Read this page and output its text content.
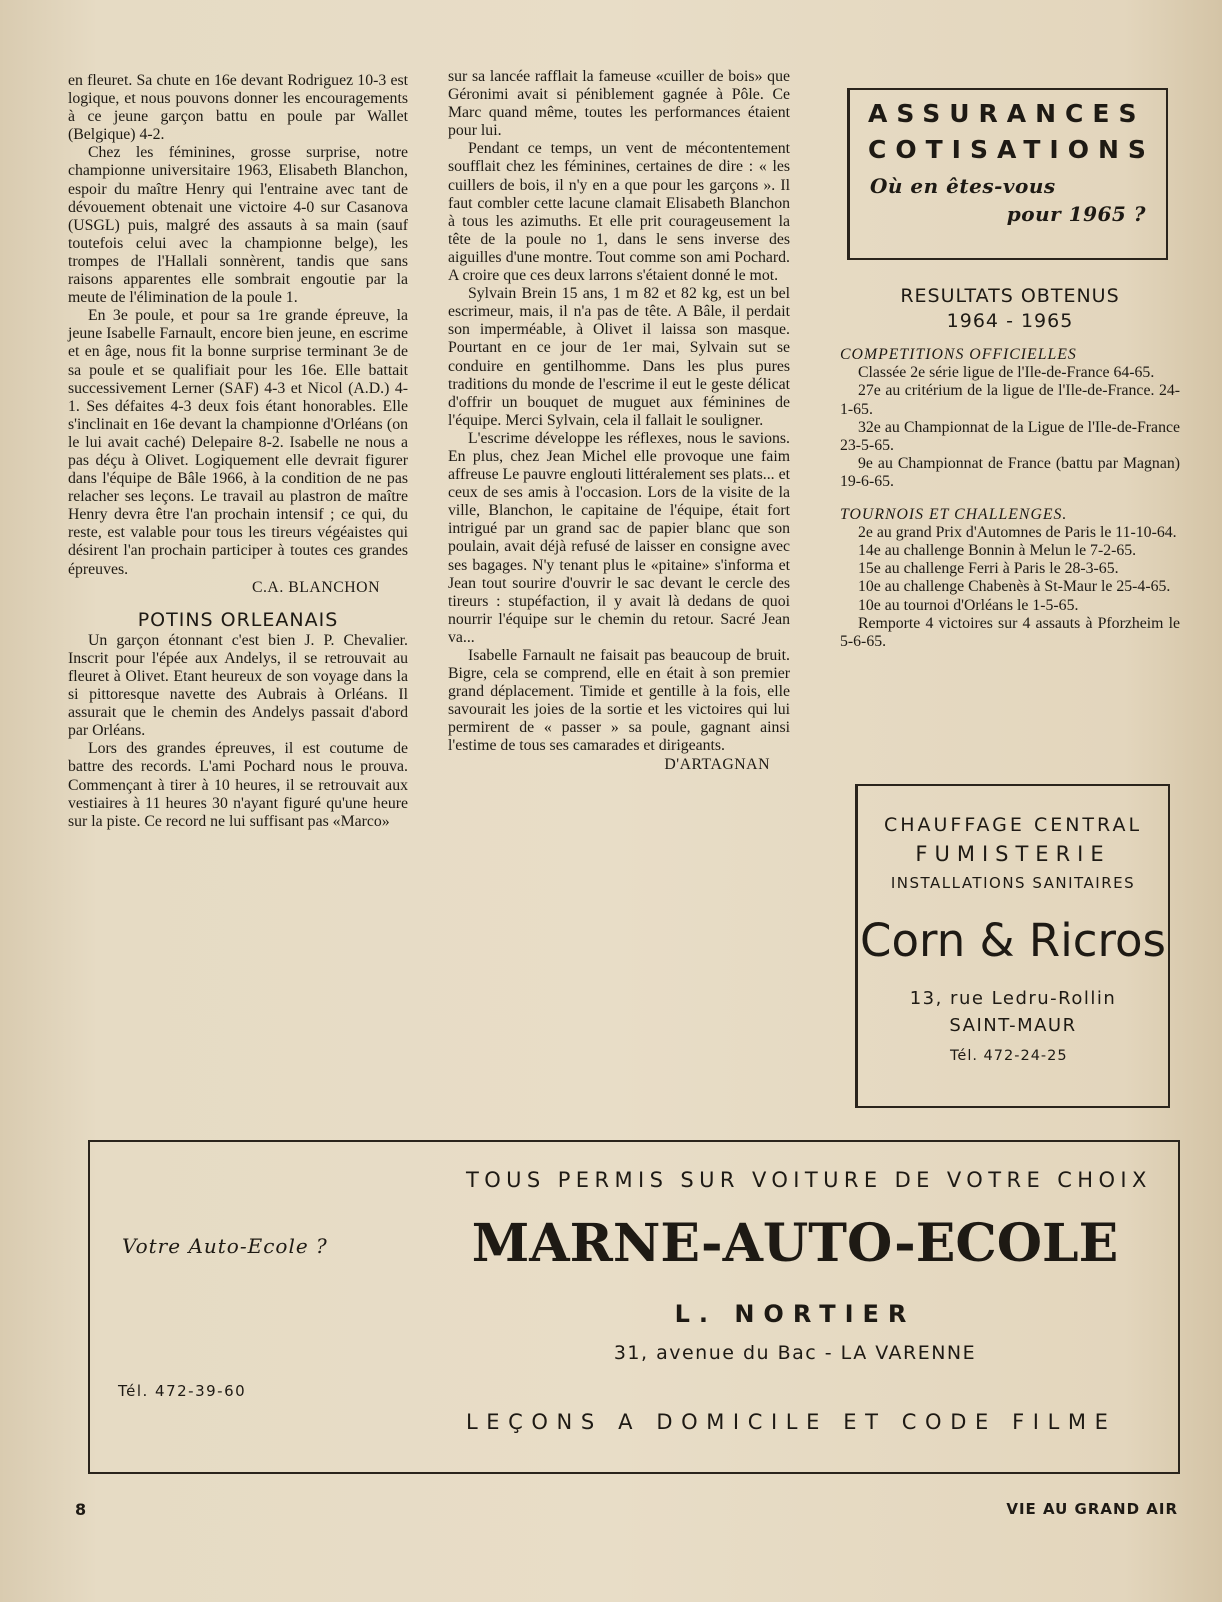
en fleuret. Sa chute en 16e devant Rodriguez 10-3 est logique, et nous pouvons donner les encouragements à ce jeune garçon battu en poule par Wallet (Belgique) 4-2.

Chez les féminines, grosse surprise, notre championne universitaire 1963, Elisabeth Blanchon, espoir du maître Henry qui l'entraine avec tant de dévouement obtenait une victoire 4-0 sur Casanova (USGL) puis, malgré des assauts à sa main (sauf toutefois celui avec la championne belge), les trompes de l'Hallali sonnèrent, tandis que sans raisons apparentes elle sombrait engoutie par la meute de l'élimination de la poule 1.

En 3e poule, et pour sa 1re grande épreuve, la jeune Isabelle Farnault, encore bien jeune, en escrime et en âge, nous fit la bonne surprise terminant 3e de sa poule et se qualifiait pour les 16e. Elle battait successivement Lerner (SAF) 4-3 et Nicol (A.D.) 4-1. Ses défaites 4-3 deux fois étant honorables. Elle s'inclinait en 16e devant la championne d'Orléans (on le lui avait caché) Delepaire 8-2. Isabelle ne nous a pas déçu à Olivet. Logiquement elle devrait figurer dans l'équipe de Bâle 1966, à la condition de ne pas relacher ses leçons. Le travail au plastron de maître Henry devra être l'an prochain intensif ; ce qui, du reste, est valable pour tous les tireurs végéaistes qui désirent l'an prochain participer à toutes ces grandes épreuves.

C.A. BLANCHON

POTINS ORLEANAIS

Un garçon étonnant c'est bien J. P. Chevalier. Inscrit pour l'épée aux Andelys, il se retrouvait au fleuret à Olivet. Etant heureux de son voyage dans la si pittoresque navette des Aubrais à Orléans. Il assurait que le chemin des Andelys passait d'abord par Orléans.

Lors des grandes épreuves, il est coutume de battre des records. L'ami Pochard nous le prouva. Commençant à tirer à 10 heures, il se retrouvait aux vestiaires à 11 heures 30 n'ayant figuré qu'une heure sur la piste. Ce record ne lui suffisant pas «Marco»

sur sa lancée rafflait la fameuse «cuiller de bois» que Géronimi avait si péniblement gagnée à Pôle. Ce Marc quand même, toutes les performances étaient pour lui.

Pendant ce temps, un vent de mécontentement soufflait chez les féminines, certaines de dire : « les cuillers de bois, il n'y en a que pour les garçons ». Il faut combler cette lacune clamait Elisabeth Blanchon à tous les azimuths. Et elle prit courageusement la tête de la poule no 1, dans le sens inverse des aiguilles d'une montre. Tout comme son ami Pochard. A croire que ces deux larrons s'étaient donné le mot.

Sylvain Brein 15 ans, 1 m 82 et 82 kg, est un bel escrimeur, mais, il n'a pas de tête. A Bâle, il perdait son imperméable, à Olivet il laissa son masque. Pourtant en ce jour de 1er mai, Sylvain sut se conduire en gentilhomme. Dans les plus pures traditions du monde de l'escrime il eut le geste délicat d'offrir un bouquet de muguet aux féminines de l'équipe. Merci Sylvain, cela il fallait le souligner.

L'escrime développe les réflexes, nous le savions. En plus, chez Jean Michel elle provoque une faim affreuse Le pauvre englouti littéralement ses plats... et ceux de ses amis à l'occasion. Lors de la visite de la ville, Blanchon, le capitaine de l'équipe, était fort intrigué par un grand sac de papier blanc que son poulain, avait déjà refusé de laisser en consigne avec ses bagages. N'y tenant plus le «pitaine» s'informa et Jean tout sourire d'ouvrir le sac devant le cercle des tireurs : stupéfaction, il y avait là dedans de quoi nourrir l'équipe sur le chemin du retour. Sacré Jean va...

Isabelle Farnault ne faisait pas beaucoup de bruit. Bigre, cela se comprend, elle en était à son premier grand déplacement. Timide et gentille à la fois, elle savourait les joies de la sortie et les victoires qui lui permirent de « passer » sa poule, gagnant ainsi l'estime de tous ses camarades et dirigeants.

D'ARTAGNAN

ASSURANCES
COTISATIONS
Où en êtes-vous
pour 1965 ?
RESULTATS OBTENUS
1964 - 1965
COMPETITIONS OFFICIELLES
Classée 2e série ligue de l'Ile-de-France 64-65.
27e au critérium de la ligue de l'Ile-de-France. 24-1-65.
32e au Championnat de la Ligue de l'Ile-de-France 23-5-65.
9e au Championnat de France (battu par Magnan) 19-6-65.
TOURNOIS ET CHALLENGES.
2e au grand Prix d'Automnes de Paris le 11-10-64.
14e au challenge Bonnin à Melun le 7-2-65.
15e au challenge Ferri à Paris le 28-3-65.
10e au challenge Chabenès à St-Maur le 25-4-65.
10e au tournoi d'Orléans le 1-5-65.
Remporte 4 victoires sur 4 assauts à Pforzheim le 5-6-65.
CHAUFFAGE CENTRAL
FUMISTERIE
INSTALLATIONS SANITAIRES
Corn & Ricros
13, rue Ledru-Rollin
SAINT-MAUR
Tél. 472-24-25
Votre Auto-Ecole ?
Tél. 472-39-60
TOUS PERMIS SUR VOITURE DE VOTRE CHOIX
MARNE-AUTO-ECOLE
L. NORTIER
31, avenue du Bac - LA VARENNE
LEÇONS A DOMICILE ET CODE FILME
8	VIE AU GRAND AIR
